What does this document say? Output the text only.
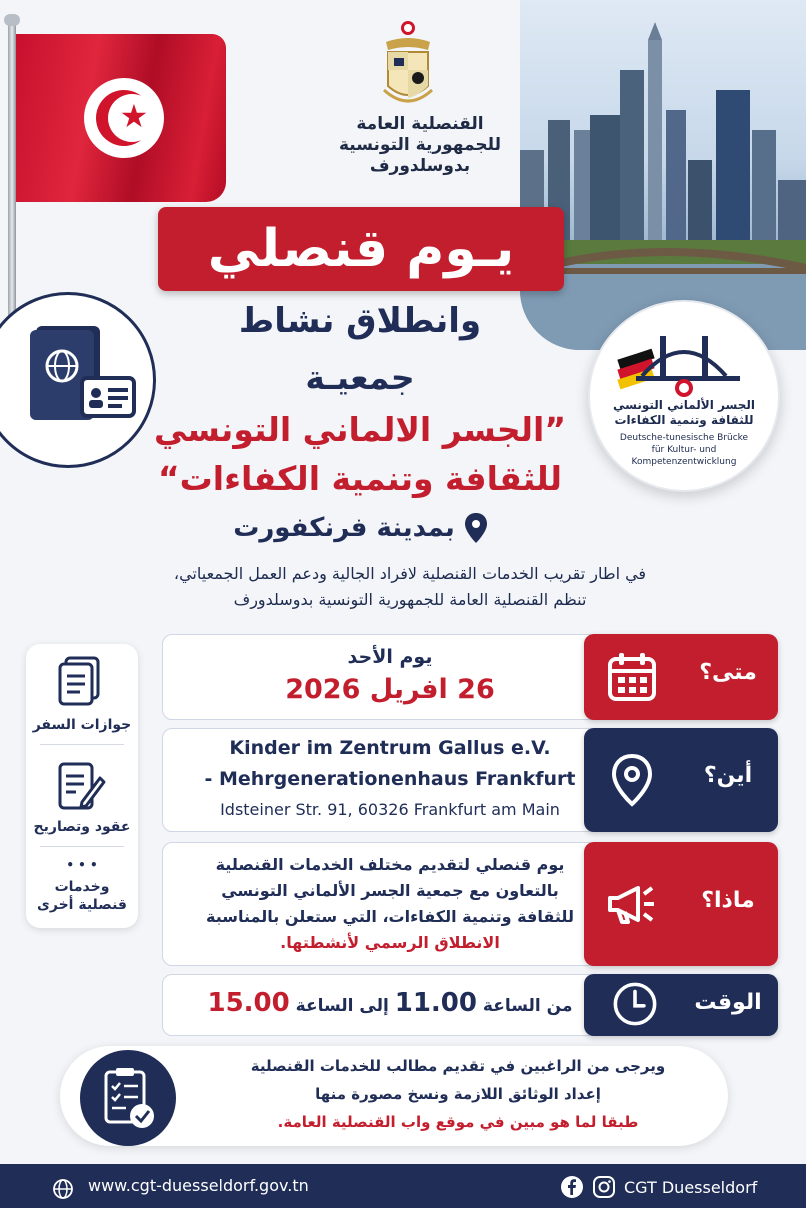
★	القنصلية العامة
للجمهورية التونسية
بدوسلدورف
الجسر الألماني التونسي
للثقافة وتنمية الكفاءات
Deutsche-tunesische Brücke
für Kultur- und
Kompetenzentwicklung
يـوم قنصلي
وانطلاق نشاط
جمعيـة
”الجسر الالماني التونسي
للثقافة وتنمية الكفاءات“
بمدينة فرنكفورت
في اطار تقريب الخدمات القنصلية لافراد الجالية ودعم العمل الجمعياتي،
تنظم القنصلية العامة للجمهورية التونسية بدوسلدورف
متى؟
يوم الأحد
26 افريل 2026
أين؟
Kinder im Zentrum Gallus e.V.
- Mehrgenerationenhaus Frankfurt
Idsteiner Str. 91, 60326 Frankfurt am Main
ماذا؟
يوم قنصلي لتقديم مختلف الخدمات القنصلية
بالتعاون مع جمعية الجسر الألماني التونسي
للثقافة وتنمية الكفاءات، التي ستعلن بالمناسبة
الانطلاق الرسمي لأنشطتها.
الوقت
من الساعة 11.00 إلى الساعة 15.00
جوازات السفر
عقود وتصاريح
• • •
وخدمات
قنصلية أخرى
ويرجى من الراغبين في تقديم مطالب للخدمات القنصلية
إعداد الوثائق اللازمة ونسخ مصورة منها
طبقا لما هو مبين في موقع واب القنصلية العامة.
www.cgt-duesseldorf.gov.tn	CGT Duesseldorf
